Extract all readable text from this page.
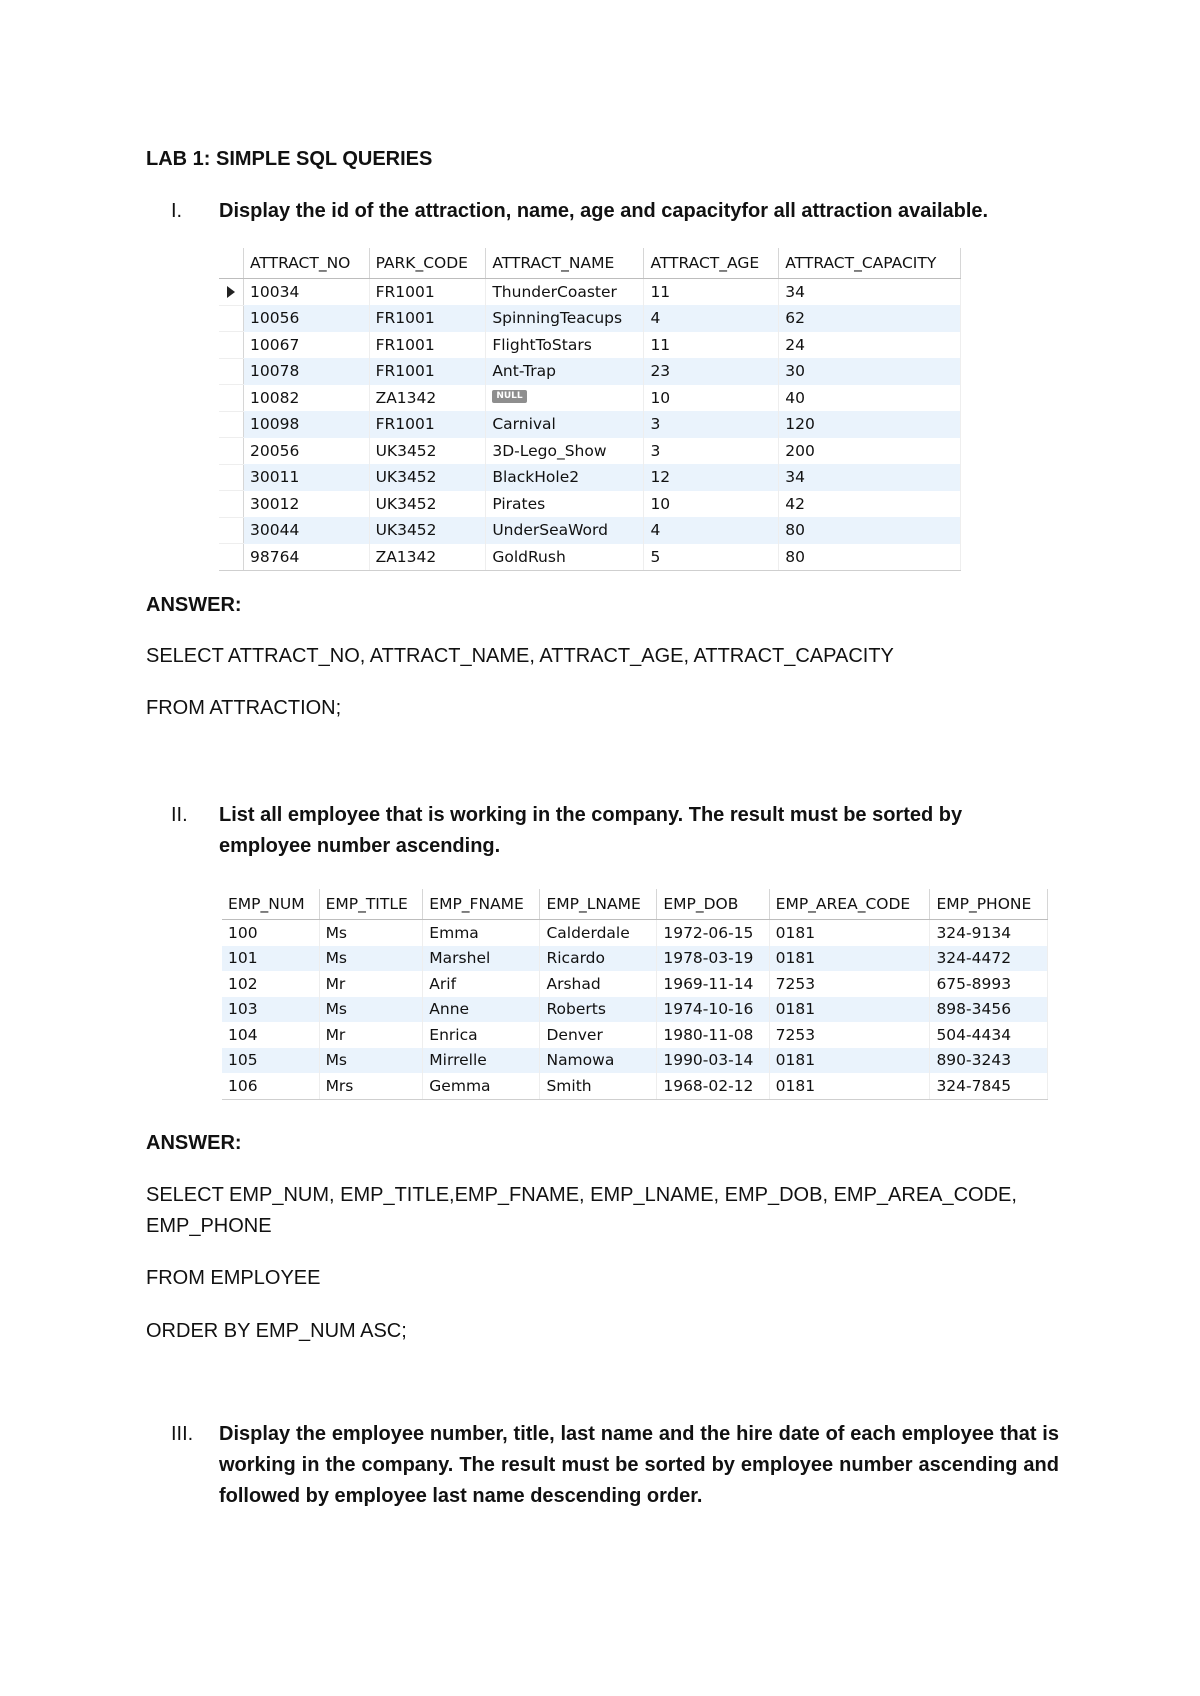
LAB 1: SIMPLE SQL QUERIES
I. Display the id of the attraction, name, age and capacityfor all attraction available.
	ATTRACT_NO	PARK_CODE	ATTRACT_NAME	ATTRACT_AGE	ATTRACT_CAPACITY
	10034	FR1001	ThunderCoaster	11	34
	10056	FR1001	SpinningTeacups	4	62
	10067	FR1001	FlightToStars	11	24
	10078	FR1001	Ant-Trap	23	30
	10082	ZA1342	NULL	10	40
	10098	FR1001	Carnival	3	120
	20056	UK3452	3D-Lego_Show	3	200
	30011	UK3452	BlackHole2	12	34
	30012	UK3452	Pirates	10	42
	30044	UK3452	UnderSeaWord	4	80
	98764	ZA1342	GoldRush	5	80
ANSWER:
SELECT ATTRACT_NO, ATTRACT_NAME, ATTRACT_AGE, ATTRACT_CAPACITY
FROM ATTRACTION;
II. List all employee that is working in the company. The result must be sorted by employee number ascending.
EMP_NUM	EMP_TITLE	EMP_FNAME	EMP_LNAME	EMP_DOB	EMP_AREA_CODE	EMP_PHONE
100	Ms	Emma	Calderdale	1972-06-15	0181	324-9134
101	Ms	Marshel	Ricardo	1978-03-19	0181	324-4472
102	Mr	Arif	Arshad	1969-11-14	7253	675-8993
103	Ms	Anne	Roberts	1974-10-16	0181	898-3456
104	Mr	Enrica	Denver	1980-11-08	7253	504-4434
105	Ms	Mirrelle	Namowa	1990-03-14	0181	890-3243
106	Mrs	Gemma	Smith	1968-02-12	0181	324-7845
ANSWER:
SELECT EMP_NUM, EMP_TITLE,EMP_FNAME, EMP_LNAME, EMP_DOB, EMP_AREA_CODE, EMP_PHONE
FROM EMPLOYEE
ORDER BY EMP_NUM ASC;
III. Display the employee number, title, last name and the hire date of each employee that is working in the company. The result must be sorted by employee number ascending and followed by employee last name descending order.
